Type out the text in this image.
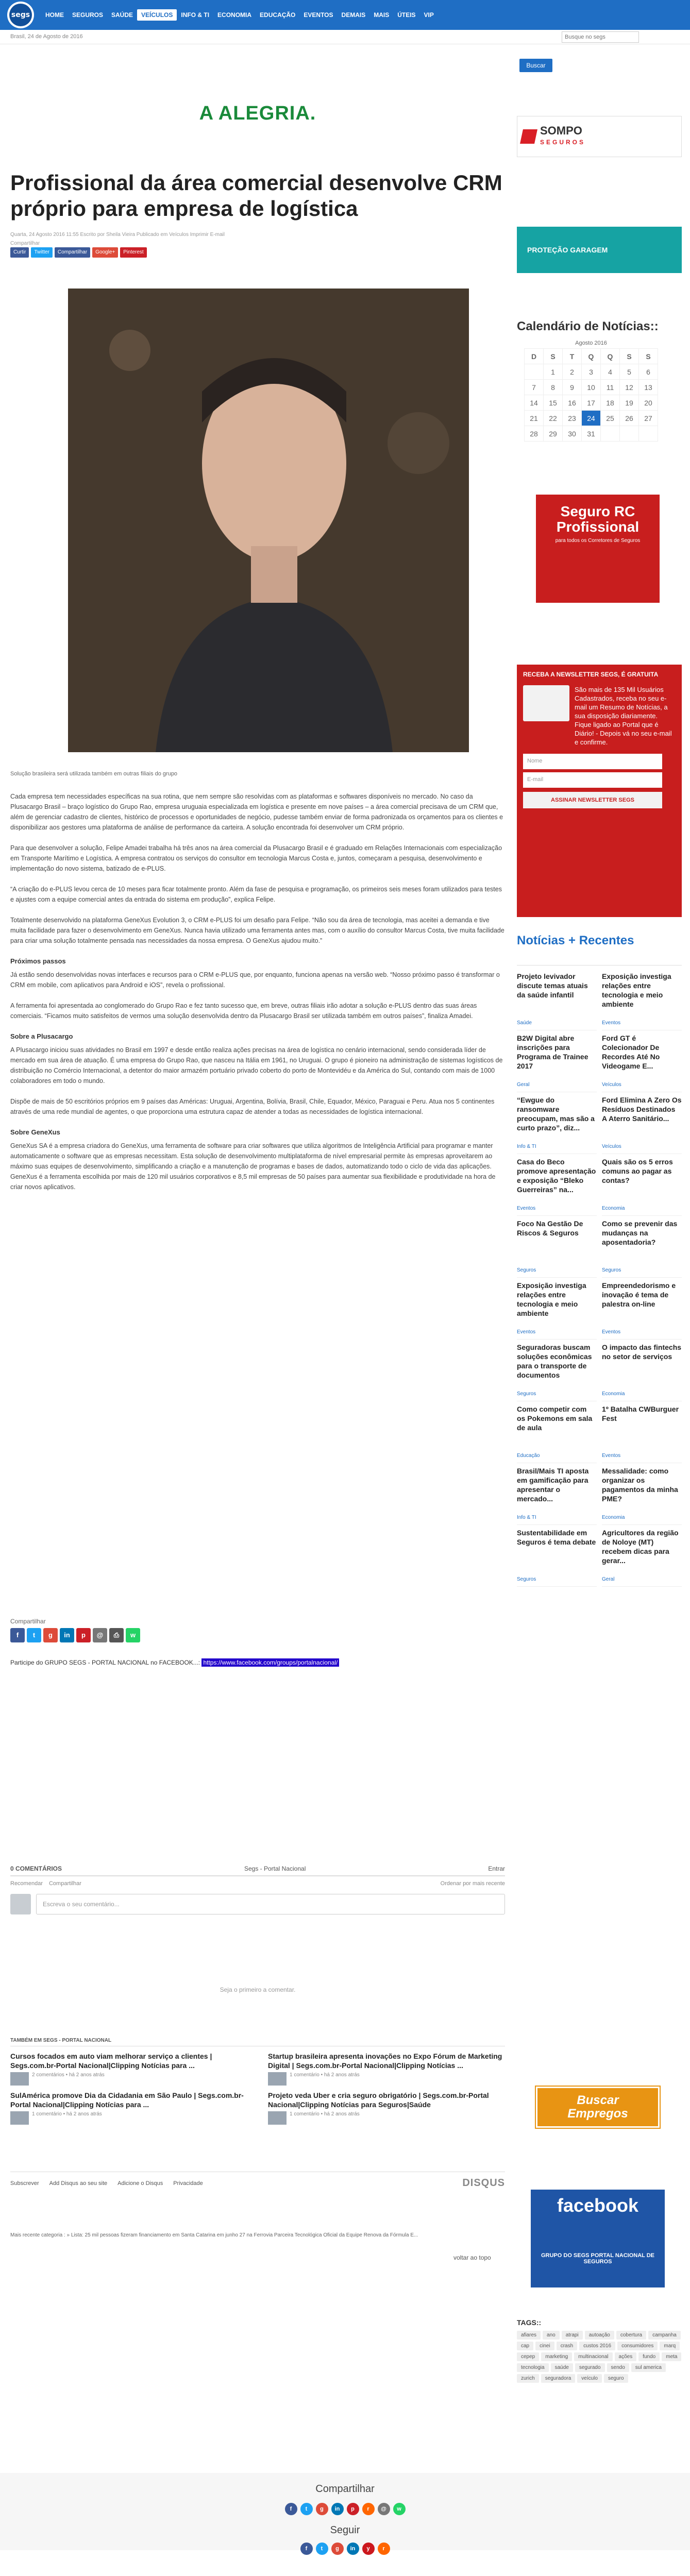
segs	HOME	SEGUROS	SAÚDE	VEÍCULOS	INFO & TI	ECONOMIA	EDUCAÇÃO	EVENTOS	DEMAIS	MAIS	ÚTEIS	VIP
Brasil, 24 de Agosto de 2016
Busque no segs
Buscar
A ALEGRIA.
Profissional da área comercial desenvolve CRM próprio para empresa de logística
Quarta, 24 Agosto 2016 11:55 Escrito por Sheila Vieira Publicado em Veículos Imprimir E-mail
Compartilhar
Curtir	Twitter	Compartilhar	Google+	Pinterest
Solução brasileira será utilizada também em outras filiais do grupo

Cada empresa tem necessidades específicas na sua rotina, que nem sempre são resolvidas com as plataformas e softwares disponíveis no mercado. No caso da Plusacargo Brasil – braço logístico do Grupo Rao, empresa uruguaia especializada em logística e presente em nove países – a área comercial precisava de um CRM que, além de gerenciar cadastro de clientes, histórico de processos e oportunidades de negócio, pudesse também enviar de forma padronizada os orçamentos para os clientes e disponibilizar aos gestores uma plataforma de análise de performance da carteira. A solução encontrada foi desenvolver um CRM próprio.

Para que desenvolver a solução, Felipe Amadei trabalha há três anos na área comercial da Plusacargo Brasil e é graduado em Relações Internacionais com especialização em Transporte Marítimo e Logística. A empresa contratou os serviços do consultor em tecnologia Marcus Costa e, juntos, começaram a pesquisa, desenvolvimento e implementação do novo sistema, batizado de e-PLUS.

“A criação do e-PLUS levou cerca de 10 meses para ficar totalmente pronto. Além da fase de pesquisa e programação, os primeiros seis meses foram utilizados para testes e ajustes com a equipe comercial antes da entrada do sistema em produção”, explica Felipe.

Totalmente desenvolvido na plataforma GeneXus Evolution 3, o CRM e-PLUS foi um desafio para Felipe. “Não sou da área de tecnologia, mas aceitei a demanda e tive muita facilidade para fazer o desenvolvimento em GeneXus. Nunca havia utilizado uma ferramenta antes mas, com o auxílio do consultor Marcus Costa, tive muita facilidade para criar uma solução totalmente pensada nas necessidades da nossa empresa. O GeneXus ajudou muito.”

Próximos passos

Já estão sendo desenvolvidas novas interfaces e recursos para o CRM e-PLUS que, por enquanto, funciona apenas na versão web. “Nosso próximo passo é transformar o CRM em mobile, com aplicativos para Android e iOS”, revela o profissional.

A ferramenta foi apresentada ao conglomerado do Grupo Rao e fez tanto sucesso que, em breve, outras filiais irão adotar a solução e-PLUS dentro das suas áreas comerciais. “Ficamos muito satisfeitos de vermos uma solução desenvolvida dentro da Plusacargo Brasil ser utilizada também em outros países”, finaliza Amadei.

Sobre a Plusacargo

A Plusacargo iniciou suas atividades no Brasil em 1997 e desde então realiza ações precisas na área de logística no cenário internacional, sendo considerada líder de mercado em sua área de atuação. É uma empresa do Grupo Rao, que nasceu na Itália em 1961, no Uruguai. O grupo é pioneiro na administração de sistemas logísticos de distribuição no Comércio Internacional, a detentor do maior armazém portuário privado coberto do porto de Montevidéu e da América do Sul, contando com mais de 1000 colaboradores em todo o mundo.

Dispõe de mais de 50 escritórios próprios em 9 países das Américas: Uruguai, Argentina, Bolívia, Brasil, Chile, Equador, México, Paraguai e Peru. Atua nos 5 continentes através de uma rede mundial de agentes, o que proporciona uma estrutura capaz de atender a todas as necessidades de logística internacional.

Sobre GeneXus

GeneXus SA é a empresa criadora do GeneXus, uma ferramenta de software para criar softwares que utiliza algoritmos de Inteligência Artificial para programar e manter automaticamente o software que as empresas necessitam. Esta solução de desenvolvimento multiplataforma de nível empresarial permite às empresas aproveitarem ao máximo suas equipes de desenvolvimento, simplificando a criação e a manutenção de programas e bases de dados, automatizando todo o ciclo de vida das aplicações. GeneXus é a ferramenta escolhida por mais de 120 mil usuários corporativos e 8,5 mil empresas de 50 países para aumentar sua flexibilidade e produtividade na hora de criar novos aplicativos.

Compartilhar
f	t	g	in	p	@	⎙	w
Participe do GRUPO SEGS - PORTAL NACIONAL no FACEBOOK...: https://www.facebook.com/groups/portalnacional/
0 COMENTÁRIOS	Segs - Portal Nacional	Entrar
Recomendar Compartilhar	Ordenar por mais recente
Escreva o seu comentário...
Seja o primeiro a comentar.
TAMBÉM EM SEGS - PORTAL NACIONAL
Cursos focados em auto viam melhorar serviço a clientes | Segs.com.br-Portal Nacional|Clipping Notícias para ...
2 comentários • há 2 anos atrás
Startup brasileira apresenta inovações no Expo Fórum de Marketing Digital | Segs.com.br-Portal Nacional|Clipping Notícias ...
1 comentário • há 2 anos atrás
SulAmérica promove Dia da Cidadania em São Paulo | Segs.com.br-Portal Nacional|Clipping Notícias para ...
1 comentário • há 2 anos atrás
Projeto veda Uber e cria seguro obrigatório | Segs.com.br-Portal Nacional|Clipping Notícias para Seguros|Saúde
1 comentário • há 2 anos atrás
Subscrever Add Disqus ao seu site Adicione o Disqus Privacidade	DISQUS
Mais recente categoria : » Lista: 25 mil pessoas fizeram financiamento em Santa Catarina em junho 27 na Ferrovia Parceira Tecnológica Oficial da Equipe Renova da Fórmula E...
voltar ao topo
SOMPO
SEGUROS
PROTEÇÃO GARAGEM
Calendário de Notícias::
Agosto 2016
D	S	T	Q	Q	S	S
	1	2	3	4	5	6
7	8	9	10	11	12	13
14	15	16	17	18	19	20
21	22	23	24	25	26	27
28	29	30	31			
Seguro RC Profissional
para todos os Corretores de Seguros
RECEBA A NEWSLETTER SEGS, É GRATUITA
São mais de 135 Mil Usuários Cadastrados, receba no seu e-mail um Resumo de Notícias, a sua disposição diariamente. Fique ligado ao Portal que é Diário! - Depois vá no seu e-mail e confirme.
Nome
E-mail
ASSINAR NEWSLETTER SEGS
Notícias + Recentes
Projeto levivador discute temas atuais da saúde infantil
Saúde
Exposição investiga relações entre tecnologia e meio ambiente
Eventos
B2W Digital abre inscrições para Programa de Trainee 2017
Geral
Ford GT é Colecionador De Recordes Até No Videogame E...
Veículos
“Ewgue do ransomware preocupam, mas são a curto prazo”, diz...
Info & TI
Ford Elimina A Zero Os Resíduos Destinados A Aterro Sanitário...
Veículos
Casa do Beco promove apresentação e exposição “Bleko Guerreiras” na...
Eventos
Quais são os 5 erros comuns ao pagar as contas?
Economia
Foco Na Gestão De Riscos & Seguros
Seguros
Como se prevenir das mudanças na aposentadoria?
Seguros
Exposição investiga relações entre tecnologia e meio ambiente
Eventos
Empreendedorismo e inovação é tema de palestra on-line
Eventos
Seguradoras buscam soluções econômicas para o transporte de documentos
Seguros
O impacto das fintechs no setor de serviços
Economia
Como competir com os Pokemons em sala de aula
Educação
1º Batalha CWBurguer Fest
Eventos
Brasil/Mais TI aposta em gamificação para apresentar o mercado...
Info & TI
Messalidade: como organizar os pagamentos da minha PME?
Economia
Sustentabilidade em Seguros é tema debate
Seguros
Agricultores da região de Noloye (MT) recebem dicas para gerar...
Geral
Buscar
Empregos
facebook
GRUPO DO SEGS PORTAL NACIONAL DE SEGUROS
TAGS::
afiares	ano	atrapi	autoação	cobertura	campanha
cap	cinei	crash	custos 2016	consumidores	marq
cepep	marketing	multinacional	ações	fundo	meta
tecnologia	saúde	segurado	sendo	sul america
zurich	seguradora	veículo	seguro
Compartilhar
f	t	g	in	p	r	@	w
Seguir
f	t	g	in	y	r
